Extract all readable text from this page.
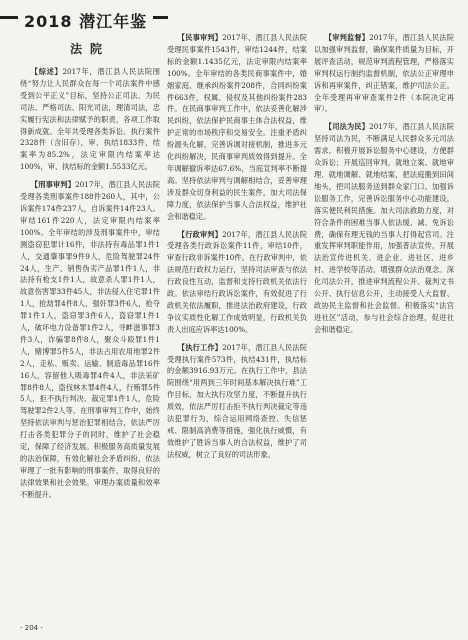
2018 潜江年鉴
法院

【综述】2017年，潜江县人民法院围绕“努力让人民群众在每一个司法案件中感受到公平正义”目标，坚持公正司法、为民司法、严格司法、阳光司法，理清司法，忠实履行宪法和法律赋予的职责，各项工作取得新成就。全年共受理各类诉讼、执行案件2328件（含旧存），审、执结1833件，结案率为85.2%，法定审限内结案率达100%，审、执结标的金额1.5533亿元。

【刑事审判】2017年，潜江县人民法院受理各类刑事案件188件260人，其中，公诉案件174件237人，自诉案件14件23人。审结161件220人，法定审限内结案率100%。全年审结的涉及刑事案件中，审结测盗窃犯罪计16件，非法持有毒品罪1件1人，交通肇事罪9件9人，危险驾驶罪24件24人，生产、销售伪劣产品罪1件1人，非法持有枪支1件1人，故意杀人罪1件1人，故意伤害罪33件45人，非法侵入住宅罪1件1人，抢劫罪4件8人，强奸罪3件6人，抢夺罪1件1人，盗窃罪3件6人，盗窃罪1件1人，破坏电力设备罪1件2人，寻衅滋事罪3件3人，诈骗罪8件8人，聚众斗殴罪1件1人，赌博罪5件5人，非法占用农用地罪2件2人，走私、贩卖、运输、制造毒品罪16件16人，容留他人吸毒罪4件4人，非法采矿罪8件8人，盗伐林木罪4件4人，行贿罪5件5人，拒不执行判决、裁定罪1件1人，危险驾驶罪2件2人等。在刑事审判工作中，始终坚持依法审判与惩治犯罪相结合，依法严厉打击各类犯罪分子的同时，维护了社会稳定，保障了经济发展。积极服务高质量发展的法治保障，有效化解社会矛盾纠纷，依法审理了一批有影响的刑事案件，取得良好的法律效果和社会效果。审理办案质量和效率不断提升。

【民事审判】2017年，潜江县人民法院受理民事案件1543件，审结1244件，结案标的金额1.1435亿元，法定审限内结案率100%。全年审结的各类民商事案件中，婚姻家庭、继承纠纷案件208件，合同纠纷案件663件，权属、侵权及其他纠纷案件283件。在民商事审判工作中，依法妥善化解涉民纠纷，依法保护民商事主体合法权益，维护正常的市场秩序和交易安全。注重矛盾纠纷源头化解，完善诉调对接机制，推进多元化纠纷解决，民商事审判质效得到提升。全年调解撤诉率达67.6%，当庭宣判率不断提高。坚持依法审判与调解相结合，妥善审理涉及群众切身利益的民生案件，加大司法保障力度，依法保护当事人合法权益，维护社会和谐稳定。

【行政审判】2017年，潜江县人民法院受理各类行政诉讼案件11件，审结10件，审查行政非诉案件10件。在行政审判中，依法规范行政权力运行，坚持司法审查与依法行政良性互动，监督和支持行政机关依法行政。依法审结行政诉讼案件，有效促进了行政机关依法履职，推进法治政府建设，行政争议实质性化解工作成效明显，行政机关负责人出庭应诉率达100%。

【执行工作】2017年，潜江县人民法院受理执行案件573件，执结431件，执结标的金额3916.93万元。在执行工作中，县法院围绕“用两到三年时间基本解决执行难”工作目标，加大执行攻坚力度，不断提升执行质效，依法严厉打击拒不执行判决裁定等违法犯罪行为，综合运用网络查控、失信惩戒、限制高消费等措施，强化执行威慑，有效维护了胜诉当事人的合法权益，维护了司法权威，树立了良好的司法形象。

【审判监督】2017年，潜江县人民法院以加强审判监督，确保案件质量为目标，开展评查活动，规范审判流程管理，严格落实审判权运行制约监督机制，依法公正审理申诉和再审案件，纠正错案，维护司法公正。全年受理再审审查案件2件（本院决定再审）。

【司法为民】2017年，潜江县人民法院坚持司法为民，不断满足人民群众多元司法需求。积极开展诉讼服务中心建设，方便群众诉讼；开展巡回审判，就地立案、就地审理、就地调解、就地结案，把法庭搬到田间地头，把司法服务送到群众家门口。加强诉讼服务工作，完善诉讼服务中心功能建设，落实便民利民措施。加大司法救助力度，对符合条件的困难当事人依法缓、减、免诉讼费，确保有理无钱的当事人打得起官司。注重发挥审判职能作用，加强普法宣传，开展法治宣传进机关、进企业、进社区、进乡村、进学校等活动，增强群众法治观念。深化司法公开，推进审判流程公开、裁判文书公开、执行信息公开，主动接受人大监督、政协民主监督和社会监督。积极落实“法官进社区”活动，参与社会综合治理，促进社会和谐稳定。

- 204 -
